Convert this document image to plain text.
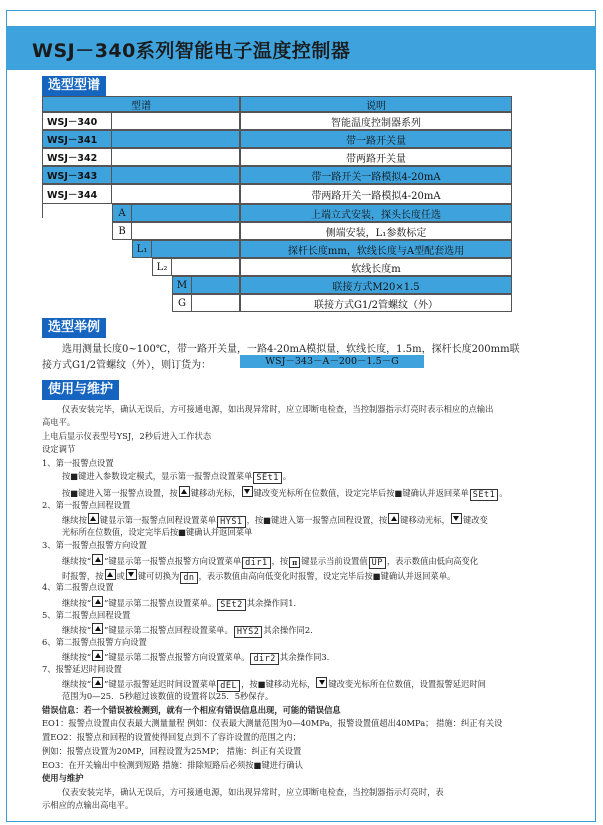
WSJ－340系列智能电子温度控制器
选型型谱
型谱	说明
WSJ－340	智能温度控制器系列
WSJ－341	带一路开关量
WSJ－342	带两路开关量
WSJ－343	带一路开关一路模拟4-20mA
WSJ－344	带两路开关一路模拟4-20mA
A	上端立式安装，探头长度任选
B	侧端安装，L₁参数标定
L₁	探杆长度mm，软线长度与A型配套选用
L₂	软线长度m
M	联接方式M20×1.5
G	联接方式G1/2管螺纹（外）
选型举例
选用测量长度0~100℃，带一路开关量，一路4-20mA模拟量，软线长度，1.5m，探杆长度200mm联
接方式G1/2管螺纹（外），则订货为：	WSJ－343－A－200－1.5－G
使用与维护
仪表安装完毕，确认无误后，方可接通电源，如出现异常时，应立即断电检查，当控制器指示灯亮时表示相应的点输出
高电平。
上电后显示仪表型号YSJ，2秒后进入工作状态
设定调节
1、第一报警点设置
按■键进入参数设定模式，显示第一报警点设置菜单 SEt1 。
按■键进入第一报警点设置，按 键移动光标， 键改变光标所在位数值，设定完毕后按■键确认并返回菜单 SEt1 。
2、第一报警点回程设置
继续按 键显示第一报警点回程设置菜单 HYS1 ，按■键进入第一报警点回程设置，按 键移动光标， 键改变
光标所在位数值，设定完毕后按■键确认并返回菜单
3、第一报警点报警方向设置
继续按“ ”键显示第一报警点报警方向设置菜单 dir1 ，按 π 键显示当前设置值 UP ，表示数值由低向高变化
时报警，按 或 键可切换为 dn ，表示数值由高向低变化时报警，设定完毕后按■键确认并返回菜单。
4、第二报警点设置
继续按“ ”键显示第二报警点设置菜单。 SEt2 其余操作同1.
5、第二报警点回程设置
继续按“ ”键显示第二报警点回程设置菜单。 HYS2 其余操作同2.
6、第二报警点报警方向设置
继续按“ ”键显示第二报警点报警方向设置菜单。 dir2 其余操作同3.
7、报警延迟时间设置
继续按“ ”键显示报警延迟时间设置菜单 dEL ，按■键移动光标， 键改变光标所在位数值，设置报警延迟时间
范围为0—25．5秒超过该数值的设置将以25．5秒保存。
错误信息：若一个错误被检测到，就有一个相应有错误信息出现，可能的错误信息
EO1：报警点设置由仪表最大测量量程 例如：仪表最大测量范围为0—40MPa，报警设置值超出40MPa； 措施：纠正有关设
置EO2：报警点和回程的设置使得回复点到不了容许设置的范围之内；
例如：报警点设置为20MP，回程设置为25MP； 措施：纠正有关设置
EO3：在开关输出中检测到短路 措施：排除短路后必须按■键进行确认
使用与维护
仪表安装完毕，确认无误后，方可接通电源，如出现异常时，应立即断电检查，当控制器指示灯亮时，表
示相应的点输出高电平。
